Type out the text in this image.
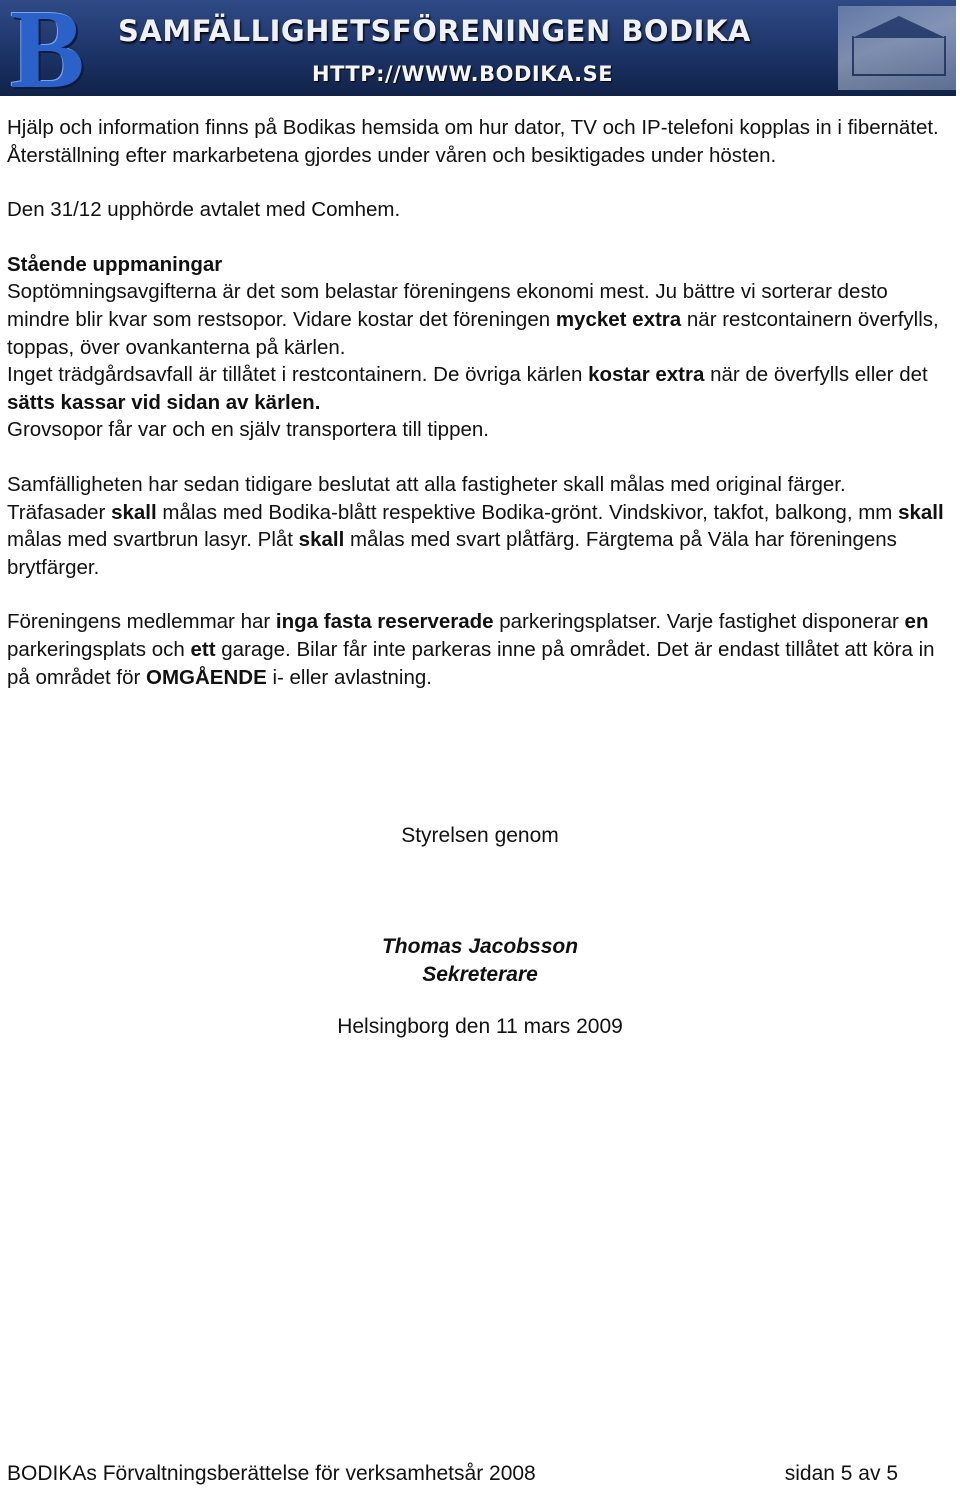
B SAMFÄLLIGHETSFÖRENINGEN BODIKA
HTTP://WWW.BODIKA.SE

Hjälp och information finns på Bodikas hemsida om hur dator, TV och IP-telefoni kopplas in i fibernätet. Återställning efter markarbetena gjordes under våren och besiktigades under hösten.

Den 31/12 upphörde avtalet med Comhem.

Stående uppmaningar

Soptömningsavgifterna är det som belastar föreningens ekonomi mest. Ju bättre vi sorterar desto mindre blir kvar som restsopor. Vidare kostar det föreningen mycket extra när restcontainern överfylls, toppas, över ovankanterna på kärlen.

Inget trädgårdsavfall är tillåtet i restcontainern. De övriga kärlen kostar extra när de överfylls eller det sätts kassar vid sidan av kärlen.

Grovsopor får var och en själv transportera till tippen.

Samfälligheten har sedan tidigare beslutat att alla fastigheter skall målas med original färger. Träfasader skall målas med Bodika-blått respektive Bodika-grönt. Vindskivor, takfot, balkong, mm skall målas med svartbrun lasyr. Plåt skall målas med svart plåtfärg. Färgtema på Väla har föreningens brytfärger.

Föreningens medlemmar har inga fasta reserverade parkeringsplatser. Varje fastighet disponerar en parkeringsplats och ett garage. Bilar får inte parkeras inne på området. Det är endast tillåtet att köra in på området för OMGÅENDE i- eller avlastning.

Styrelsen genom
Thomas Jacobsson
Sekreterare
Helsingborg den 11 mars 2009
BODIKAs Förvaltningsberättelse för verksamhetsår 2008	sidan 5 av 5
